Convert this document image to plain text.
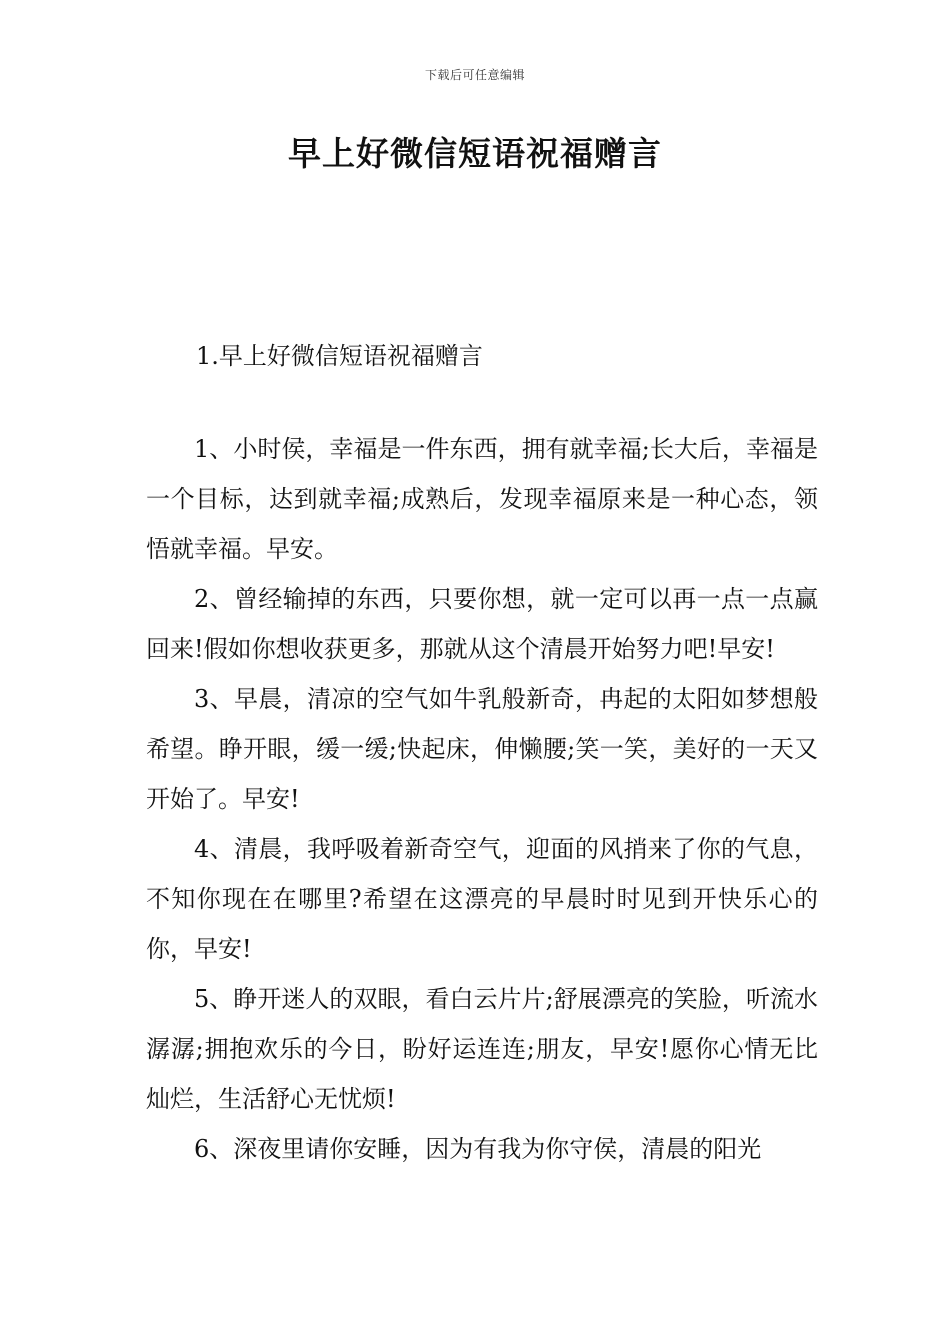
下载后可任意编辑
早上好微信短语祝福赠言
1.早上好微信短语祝福赠言

1、小时侯，幸福是一件东西，拥有就幸福;长大后，幸福是一个目标，达到就幸福;成熟后，发现幸福原来是一种心态，领悟就幸福。早安。

2、曾经输掉的东西，只要你想，就一定可以再一点一点赢回来!假如你想收获更多，那就从这个清晨开始努力吧!早安!

3、早晨，清凉的空气如牛乳般新奇，冉起的太阳如梦想般希望。睁开眼，缓一缓;快起床，伸懒腰;笑一笑，美好的一天又开始了。早安!

4、清晨，我呼吸着新奇空气，迎面的风捎来了你的气息，不知你现在在哪里?希望在这漂亮的早晨时时见到开快乐心的你，早安!

5、睁开迷人的双眼，看白云片片;舒展漂亮的笑脸，听流水潺潺;拥抱欢乐的今日，盼好运连连;朋友，早安!愿你心情无比灿烂，生活舒心无忧烦!

6、深夜里请你安睡，因为有我为你守侯，清晨的阳光
